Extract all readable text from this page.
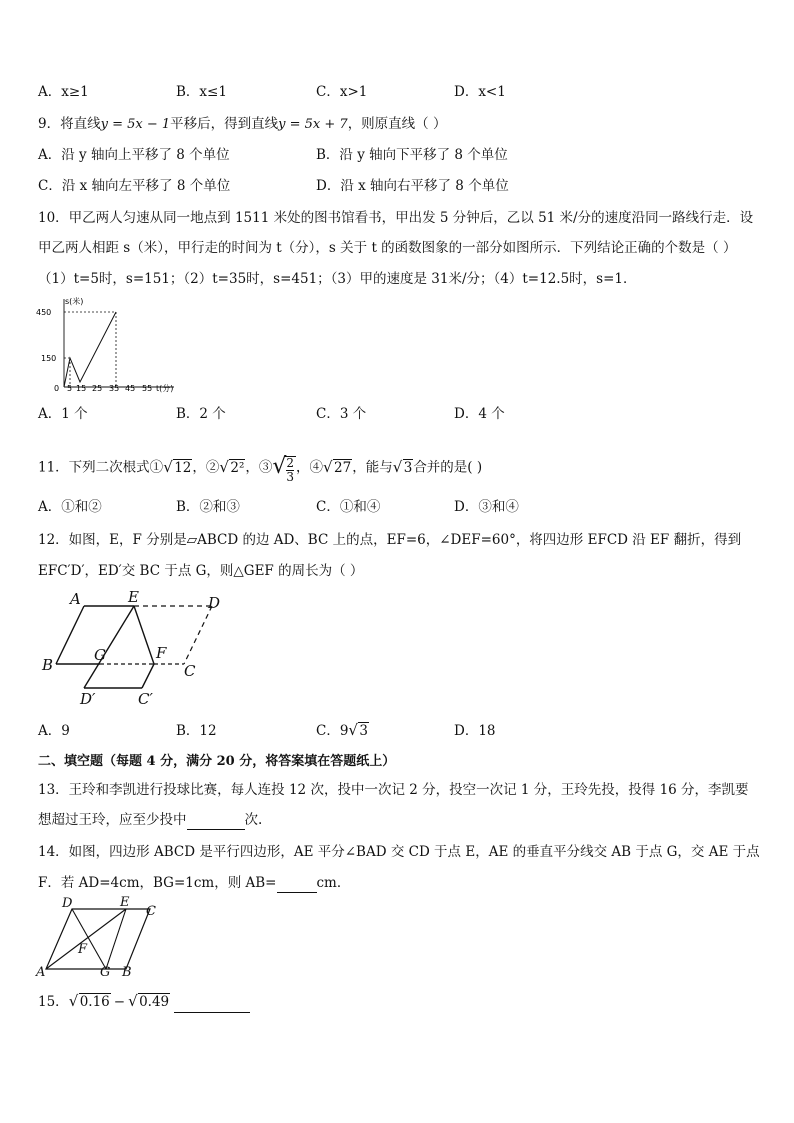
A．x≥1	B．x≤1	C．x>1	D．x<1
9．将直线y = 5x − 1平移后，得到直线y = 5x + 7，则原直线（ ）
A．沿 y 轴向上平移了 8 个单位	B．沿 y 轴向下平移了 8 个单位
C．沿 x 轴向左平移了 8 个单位	D．沿 x 轴向右平移了 8 个单位
10．甲乙两人匀速从同一地点到 1511 米处的图书馆看书，甲出发 5 分钟后，乙以 51 米/分的速度沿同一路线行走．设
甲乙两人相距 s（米），甲行走的时间为 t（分），s 关于 t 的函数图象的一部分如图所示．下列结论正确的个数是（ ）
（1）t=5时，s=151；（2）t=35时，s=451；（3）甲的速度是 31米/分；（4）t=12.5时，s=1．
s(米)
450
150
0 5 15 25 35 45 55 t(分)
A．1 个	B．2 个	C．3 个	D．4 个
11．下列二次根式① √ 12，② √ 2²，③ √
$\frac{2}{3}$ ，④ √ 27，能与 √ 3合并的是( )
A．①和②	B．②和③	C．①和④	D．③和④
12．如图，E，F 分别是▱ABCD 的边 AD、BC 上的点，EF=6，∠DEF=60°，将四边形 EFCD 沿 EF 翻折，得到
EFC′D′，ED′交 BC 于点 G，则△GEF 的周长为（ ）
A	E	D
B
G	F
C
D′	C′
A．9	B．12	C．9 √ 3	D．18
二、填空题（每题 4 分，满分 20 分，将答案填在答题纸上）
13．王玲和李凯进行投球比赛，每人连投 12 次，投中一次记 2 分，投空一次记 1 分，王玲先投，投得 16 分，李凯要
想超过王玲，应至少投中	次.
14．如图，四边形 ABCD 是平行四边形，AE 平分∠BAD 交 CD 于点 E，AE 的垂直平分线交 AB 于点 G，交 AE 于点
F．若 AD=4cm，BG=1cm，则 AB=	cm．
D	E
C
F
A	G B
15． √ 0.16 − √ 0.49
